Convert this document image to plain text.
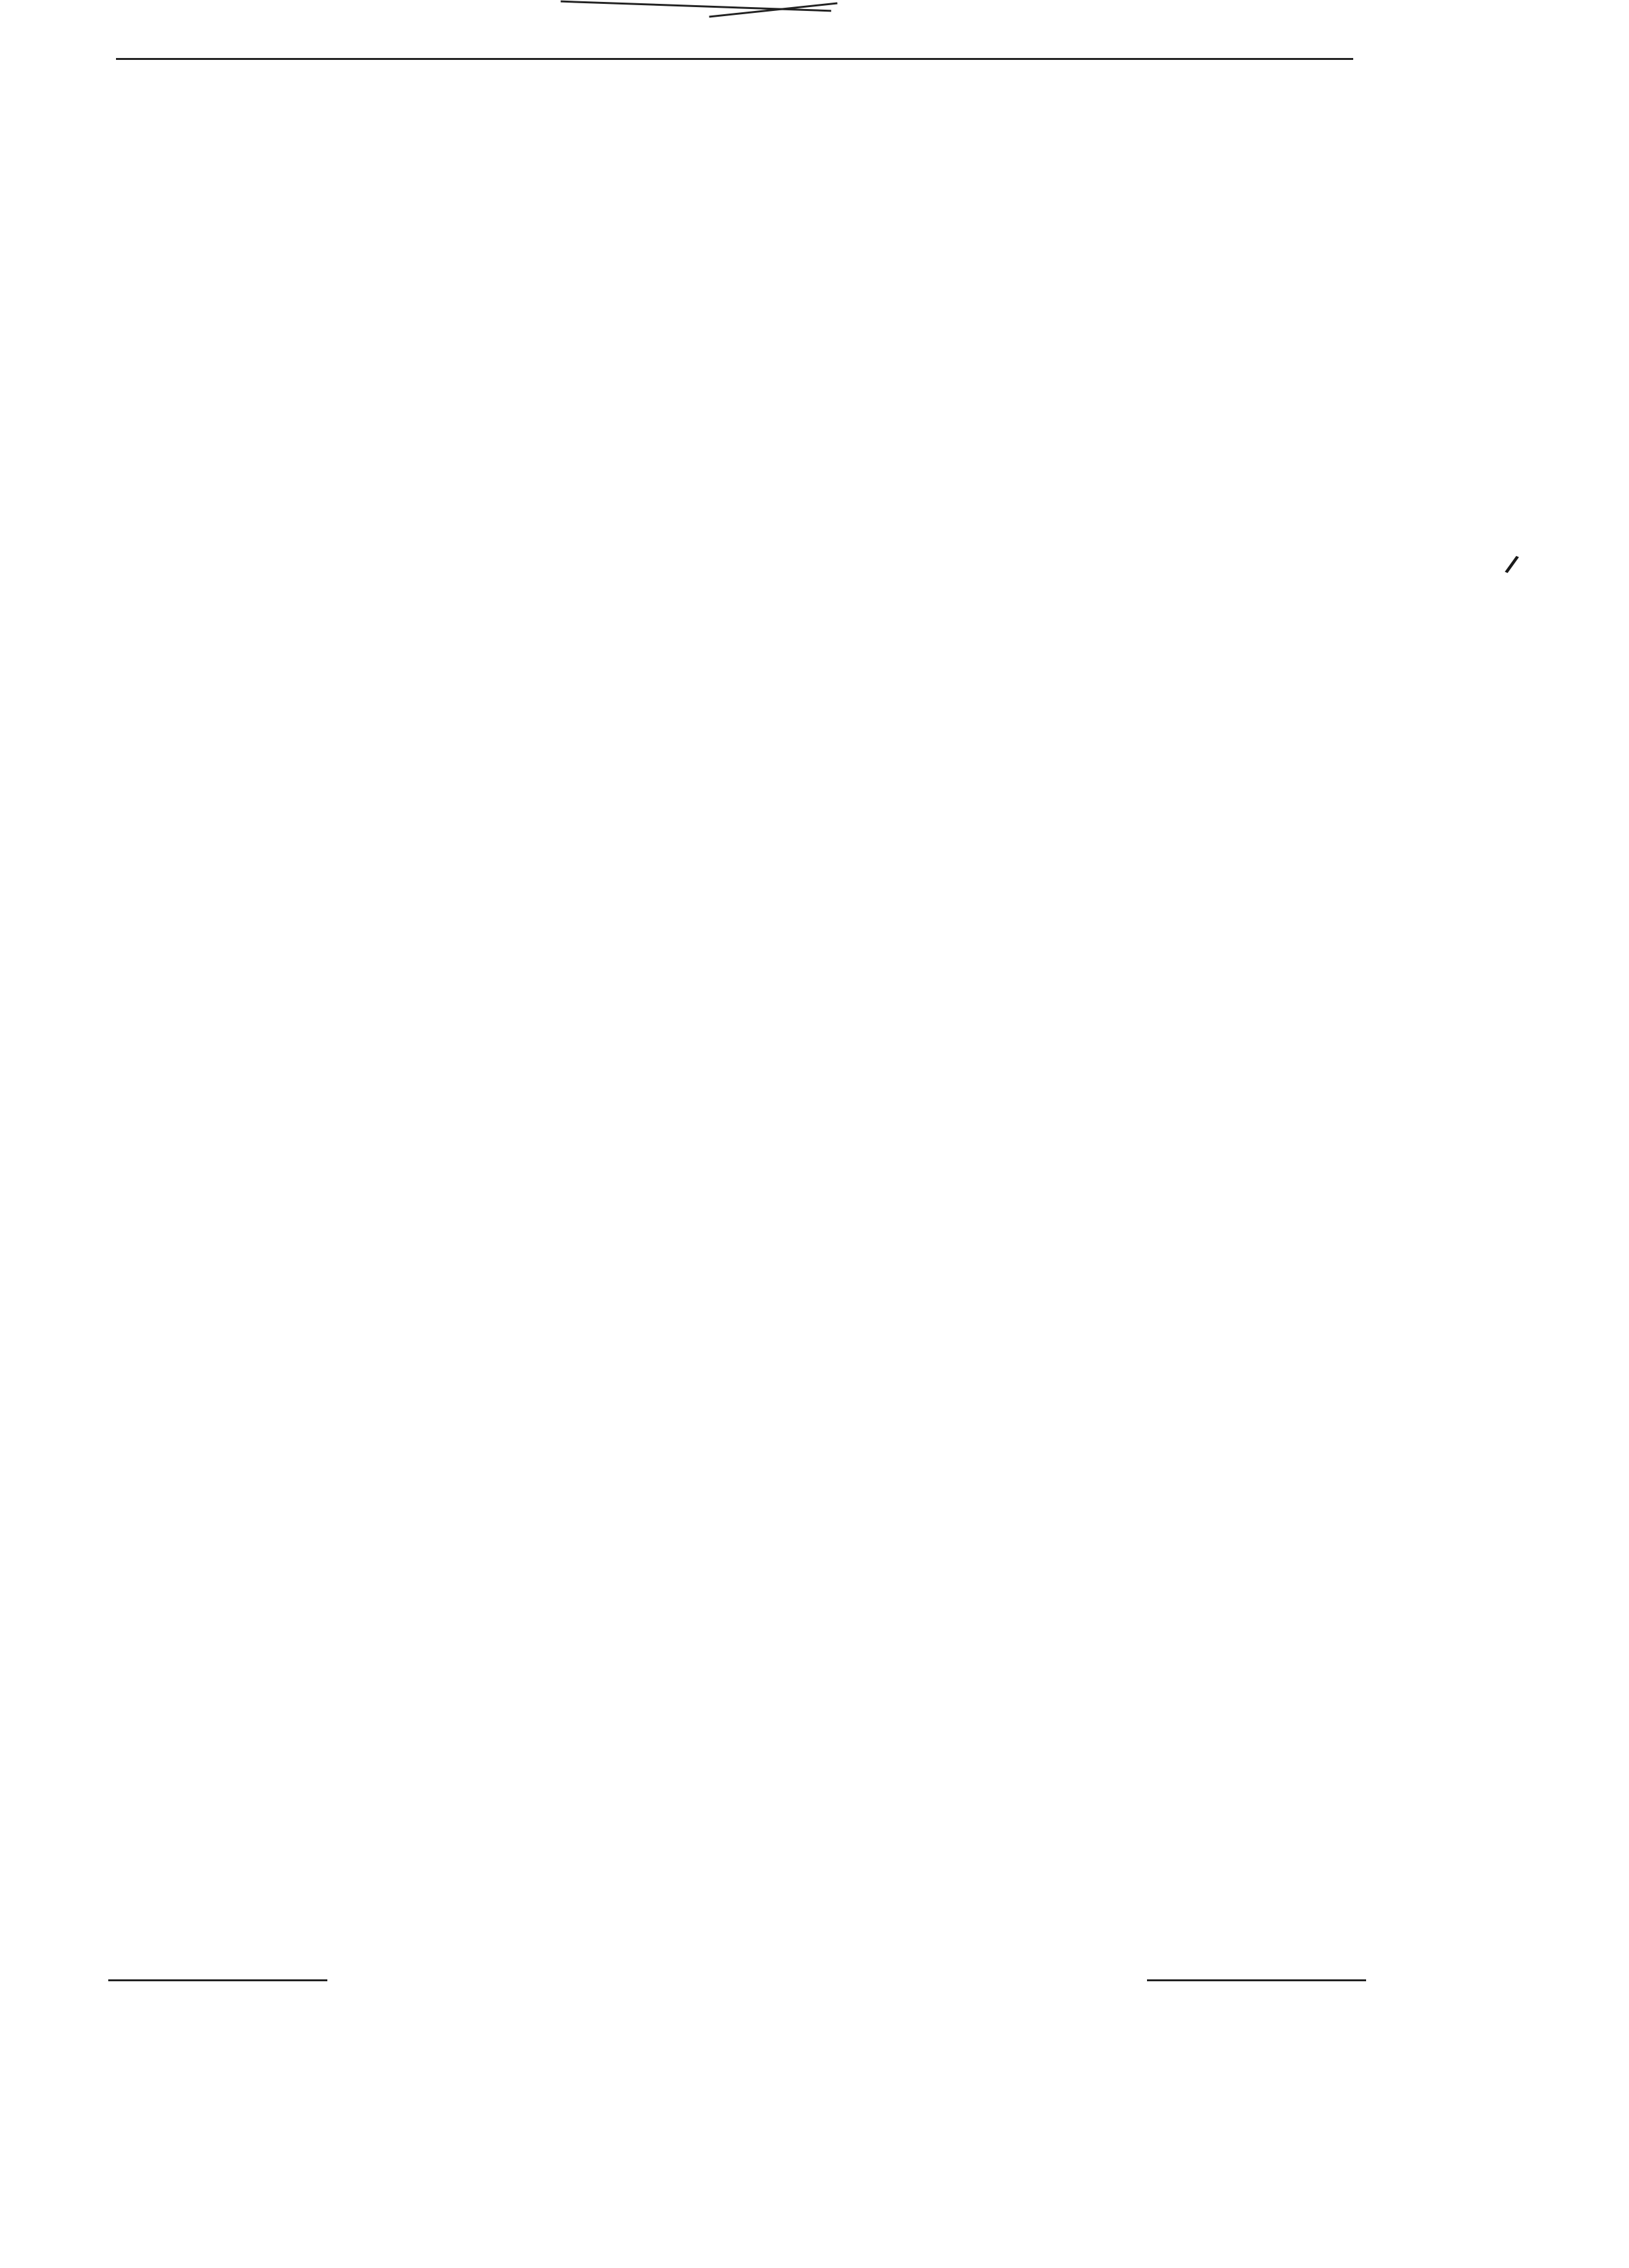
/
